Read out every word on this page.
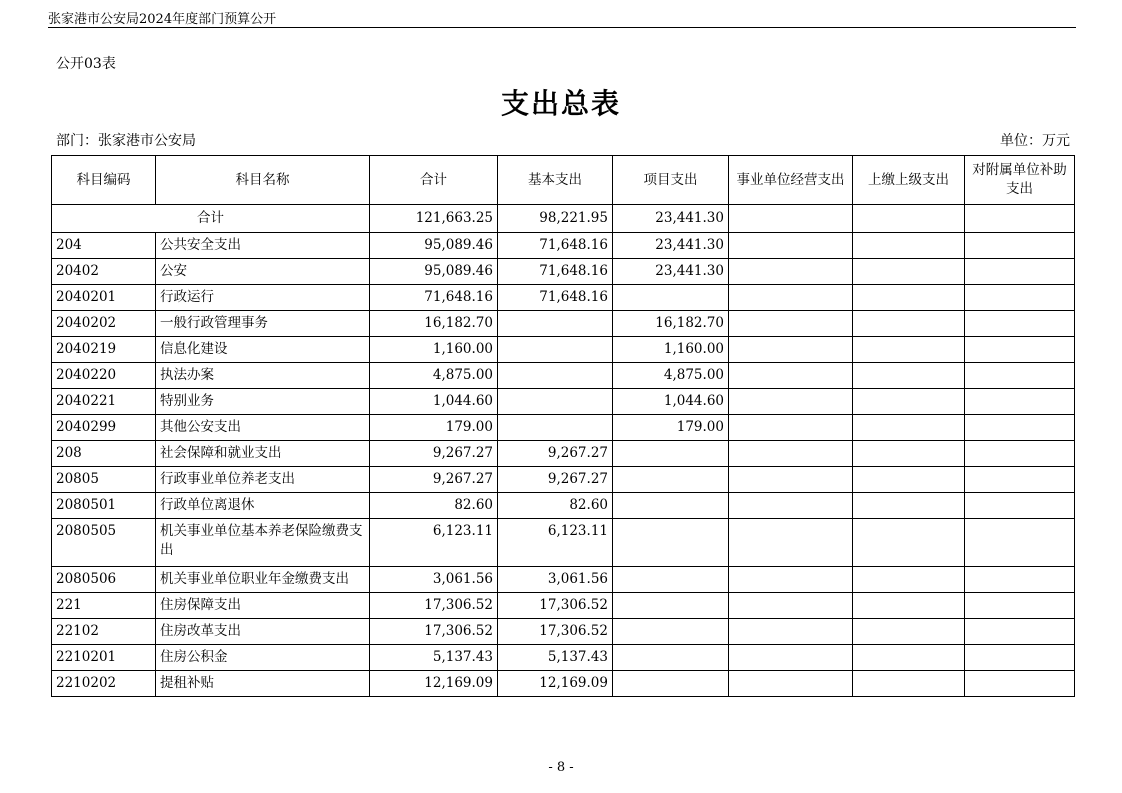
张家港市公安局2024年度部门预算公开
公开03表
支出总表
部门：张家港市公安局	单位：万元
科目编码	科目名称	合计	基本支出	项目支出	事业单位经营支出	上缴上级支出	对附属单位补助支出
合计		121,663.25	98,221.95	23,441.30			
204	公共安全支出	95,089.46	71,648.16	23,441.30			
20402	公安	95,089.46	71,648.16	23,441.30			
2040201	行政运行	71,648.16	71,648.16				
2040202	一般行政管理事务	16,182.70		16,182.70			
2040219	信息化建设	1,160.00		1,160.00			
2040220	执法办案	4,875.00		4,875.00			
2040221	特别业务	1,044.60		1,044.60			
2040299	其他公安支出	179.00		179.00			
208	社会保障和就业支出	9,267.27	9,267.27				
20805	行政事业单位养老支出	9,267.27	9,267.27				
2080501	行政单位离退休	82.60	82.60				
2080505	机关事业单位基本养老保险缴费支出	6,123.11	6,123.11				
2080506	机关事业单位职业年金缴费支出	3,061.56	3,061.56				
221	住房保障支出	17,306.52	17,306.52				
22102	住房改革支出	17,306.52	17,306.52				
2210201	住房公积金	5,137.43	5,137.43				
2210202	提租补贴	12,169.09	12,169.09				
- 8 -
